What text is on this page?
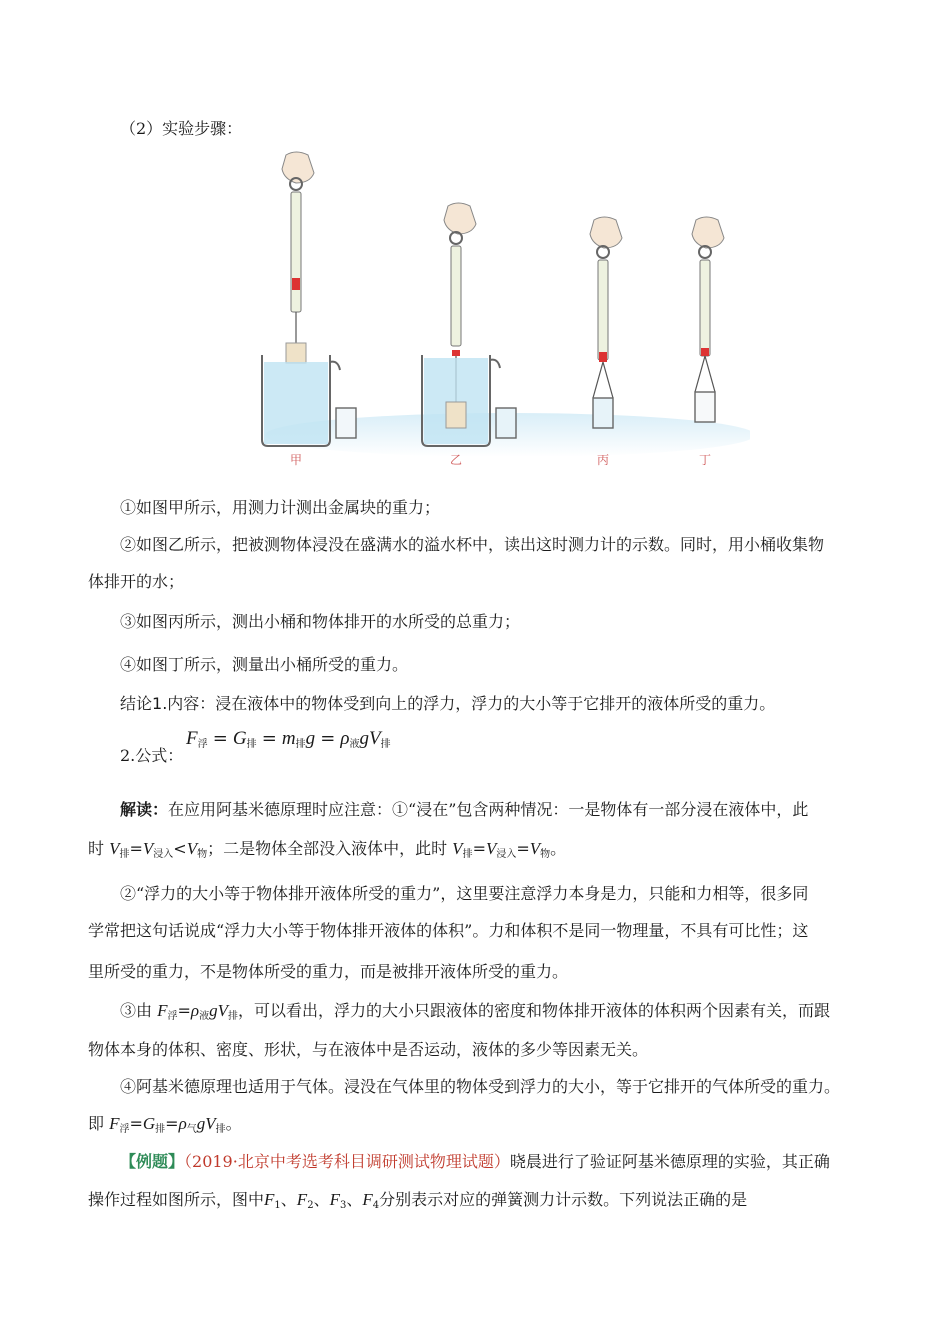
（2）实验步骤：
甲	乙	丙	丁
①如图甲所示，用测力计测出金属块的重力；
②如图乙所示，把被测物体浸没在盛满水的溢水杯中，读出这时测力计的示数。同时，用小桶收集物
体排开的水；
③如图丙所示，测出小桶和物体排开的水所受的总重力；
④如图丁所示，测量出小桶所受的重力。
结论1.内容：浸在液体中的物体受到向上的浮力，浮力的大小等于它排开的液体所受的重力。
2.公式：
$F_浮 = G_排 = m_排g = \rho_液gV_排$
解读：在应用阿基米德原理时应注意：①“浸在”包含两种情况：一是物体有一部分浸在液体中，此
时 $V_排=V_{浸入}<V_物$；二是物体全部没入液体中，此时 $V_排=V_{浸入}=V_物$。
②“浮力的大小等于物体排开液体所受的重力”，这里要注意浮力本身是力，只能和力相等，很多同
学常把这句话说成“浮力大小等于物体排开液体的体积”。力和体积不是同一物理量，不具有可比性；这
里所受的重力，不是物体所受的重力，而是被排开液体所受的重力。
③由 $F_浮=\rho_液gV_排$，可以看出，浮力的大小只跟液体的密度和物体排开液体的体积两个因素有关，而跟
物体本身的体积、密度、形状，与在液体中是否运动，液体的多少等因素无关。
④阿基米德原理也适用于气体。浸没在气体里的物体受到浮力的大小，等于它排开的气体所受的重力。
即 $F_浮=G_排=\rho_气gV_排$。
【例题】（2019·北京中考选考科目调研测试物理试题）晓晨进行了验证阿基米德原理的实验，其正确
操作过程如图所示，图中$F_1$、$F_2$、$F_3$、$F_4$分别表示对应的弹簧测力计示数。下列说法正确的是
